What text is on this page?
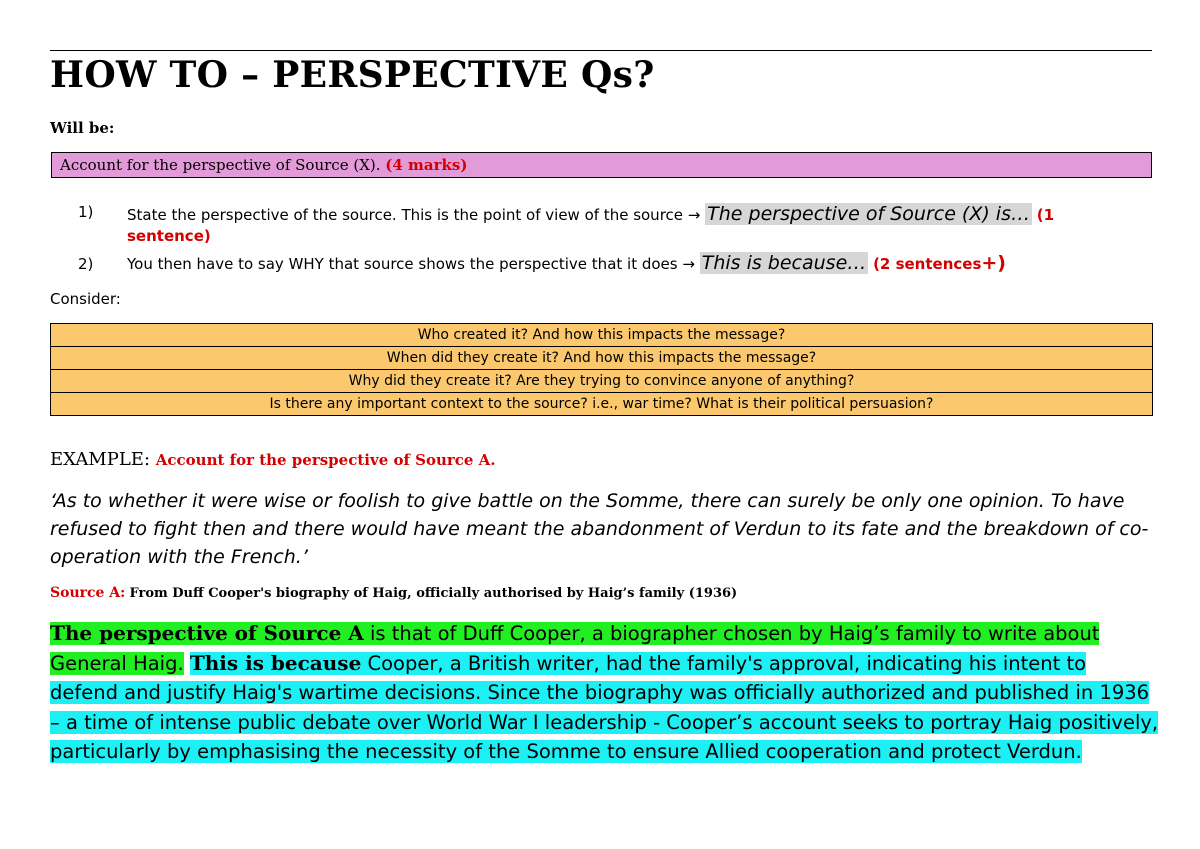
HOW TO – PERSPECTIVE Qs?
Will be:
Account for the perspective of Source (X). (4 marks)
1) State the perspective of the source. This is the point of view of the source → The perspective of Source (X) is… (1
sentence)
2) You then have to say WHY that source shows the perspective that it does → This is because… (2 sentences+)
Consider:
Who created it? And how this impacts the message?
When did they create it? And how this impacts the message?
Why did they create it? Are they trying to convince anyone of anything?
Is there any important context to the source? i.e., war time? What is their political persuasion?
EXAMPLE: Account for the perspective of Source A.
‘As to whether it were wise or foolish to give battle on the Somme, there can surely be only one opinion. To have refused to fight then and there would have meant the abandonment of Verdun to its fate and the breakdown of co-operation with the French.’
Source A: From Duff Cooper's biography of Haig, officially authorised by Haig’s family (1936)
The perspective of Source A is that of Duff Cooper, a biographer chosen by Haig’s family to write about General Haig. This is because Cooper, a British writer, had the family's approval, indicating his intent to defend and justify Haig's wartime decisions. Since the biography was officially authorized and published in 1936 – a time of intense public debate over World War I leadership - Cooper’s account seeks to portray Haig positively, particularly by emphasising the necessity of the Somme to ensure Allied cooperation and protect Verdun.
